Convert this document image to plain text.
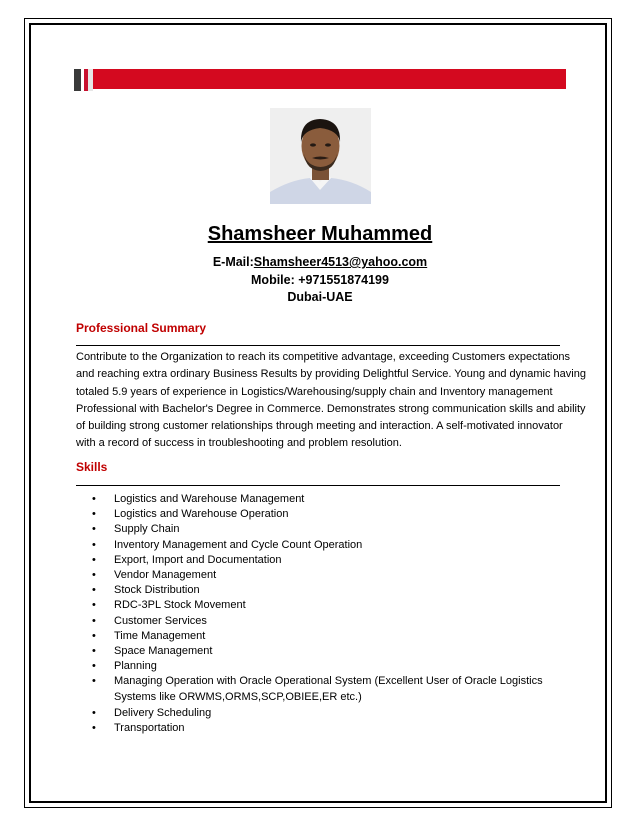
Shamsheer Muhammed
E-Mail:Shamsheer4513@yahoo.com
Mobile: +971551874199
Dubai-UAE
Professional Summary
Contribute to the Organization to reach its competitive advantage, exceeding Customers expectations
and reaching extra ordinary Business Results by providing Delightful Service. Young and dynamic having
totaled 5.9 years of experience in Logistics/Warehousing/supply chain and Inventory management
Professional with Bachelor's Degree in Commerce. Demonstrates strong communication skills and ability
of building strong customer relationships through meeting and interaction. A self-motivated innovator
with a record of success in troubleshooting and problem resolution.
Skills
• Logistics and Warehouse Management
• Logistics and Warehouse Operation
• Supply Chain
• Inventory Management and Cycle Count Operation
• Export, Import and Documentation
• Vendor Management
• Stock Distribution
• RDC-3PL Stock Movement
• Customer Services
• Time Management
• Space Management
• Planning
• Managing Operation with Oracle Operational System (Excellent User of Oracle Logistics Systems like ORWMS,ORMS,SCP,OBIEE,ER etc.)
• Delivery Scheduling
• Transportation
